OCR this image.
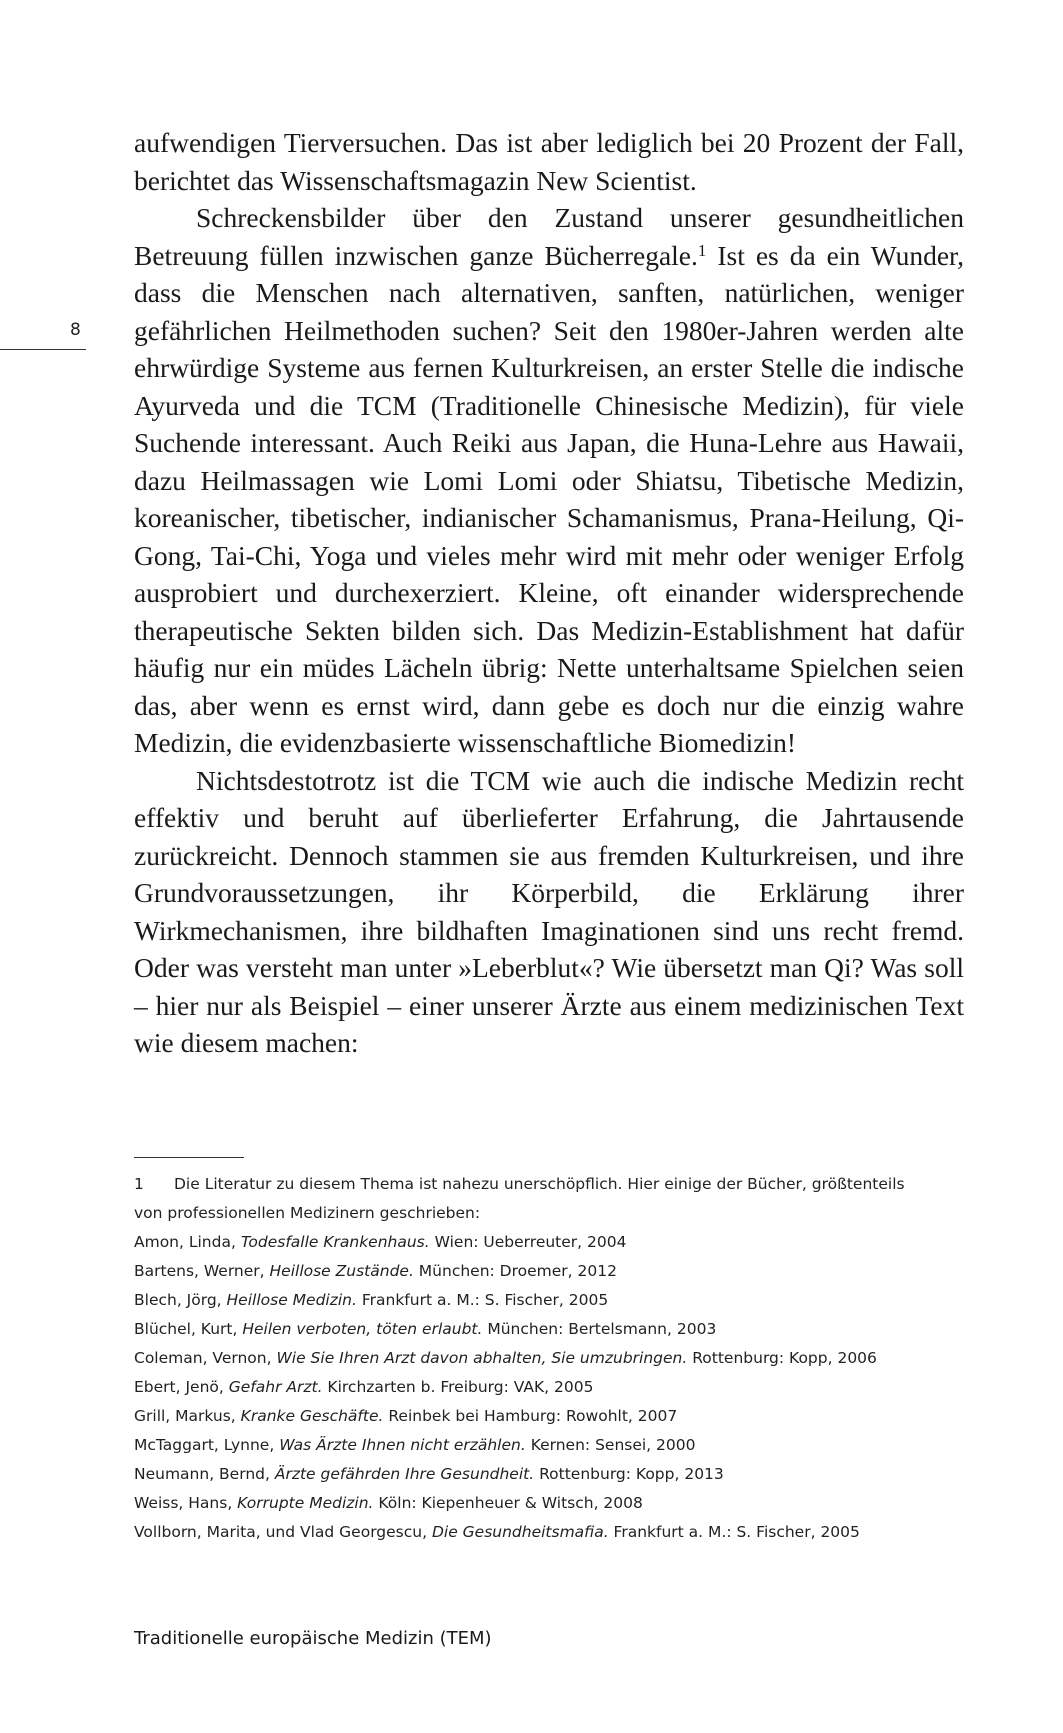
8

aufwendigen Tierversuchen. Das ist aber lediglich bei 20 Prozent der Fall, berichtet das Wissenschaftsmagazin New Scientist.

Schreckensbilder über den Zustand unserer gesundheitlichen Betreuung füllen inzwischen ganze Bücherregale.$^1$ Ist es da ein Wunder, dass die Menschen nach alternativen, sanften, natürlichen, weniger gefährlichen Heilmethoden suchen? Seit den 1980er-Jahren werden alte ehrwürdige Systeme aus fernen Kulturkreisen, an erster Stelle die indische Ayurveda und die TCM (Traditionelle Chinesische Medizin), für viele Suchende interessant. Auch Reiki aus Japan, die Huna-Lehre aus Hawaii, dazu Heilmassagen wie Lomi Lomi oder Shiatsu, Tibetische Medizin, koreanischer, tibetischer, indianischer Schamanismus, Prana-Heilung, Qi-Gong, Tai-Chi, Yoga und vieles mehr wird mit mehr oder weniger Erfolg ausprobiert und durchexerziert. Kleine, oft einander widersprechende therapeutische Sekten bilden sich. Das Medizin-Establishment hat dafür häufig nur ein müdes Lächeln übrig: Nette unterhaltsame Spielchen seien das, aber wenn es ernst wird, dann gebe es doch nur die einzig wahre Medizin, die evidenzbasierte wissenschaftliche Biomedizin!

Nichtsdestotrotz ist die TCM wie auch die indische Medizin recht effektiv und beruht auf überlieferter Erfahrung, die Jahrtausende zurückreicht. Dennoch stammen sie aus fremden Kulturkreisen, und ihre Grundvoraussetzungen, ihr Körperbild, die Erklärung ihrer Wirkmechanismen, ihre bildhaften Imaginationen sind uns recht fremd. Oder was versteht man unter »Leberblut«? Wie übersetzt man Qi? Was soll – hier nur als Beispiel – einer unserer Ärzte aus einem medizinischen Text wie diesem machen:

1	Die Literatur zu diesem Thema ist nahezu unerschöpflich. Hier einige der Bücher, größtenteils
von professionellen Medizinern geschrieben:
Amon, Linda, Todesfalle Krankenhaus. Wien: Ueberreuter, 2004
Bartens, Werner, Heillose Zustände. München: Droemer, 2012
Blech, Jörg, Heillose Medizin. Frankfurt a. M.: S. Fischer, 2005
Blüchel, Kurt, Heilen verboten, töten erlaubt. München: Bertelsmann, 2003
Coleman, Vernon, Wie Sie Ihren Arzt davon abhalten, Sie umzubringen. Rottenburg: Kopp, 2006
Ebert, Jenö, Gefahr Arzt. Kirchzarten b. Freiburg: VAK, 2005
Grill, Markus, Kranke Geschäfte. Reinbek bei Hamburg: Rowohlt, 2007
McTaggart, Lynne, Was Ärzte Ihnen nicht erzählen. Kernen: Sensei, 2000
Neumann, Bernd, Ärzte gefährden Ihre Gesundheit. Rottenburg: Kopp, 2013
Weiss, Hans, Korrupte Medizin. Köln: Kiepenheuer & Witsch, 2008
Vollborn, Marita, und Vlad Georgescu, Die Gesundheitsmafia. Frankfurt a. M.: S. Fischer, 2005
Traditionelle europäische Medizin (TEM)
